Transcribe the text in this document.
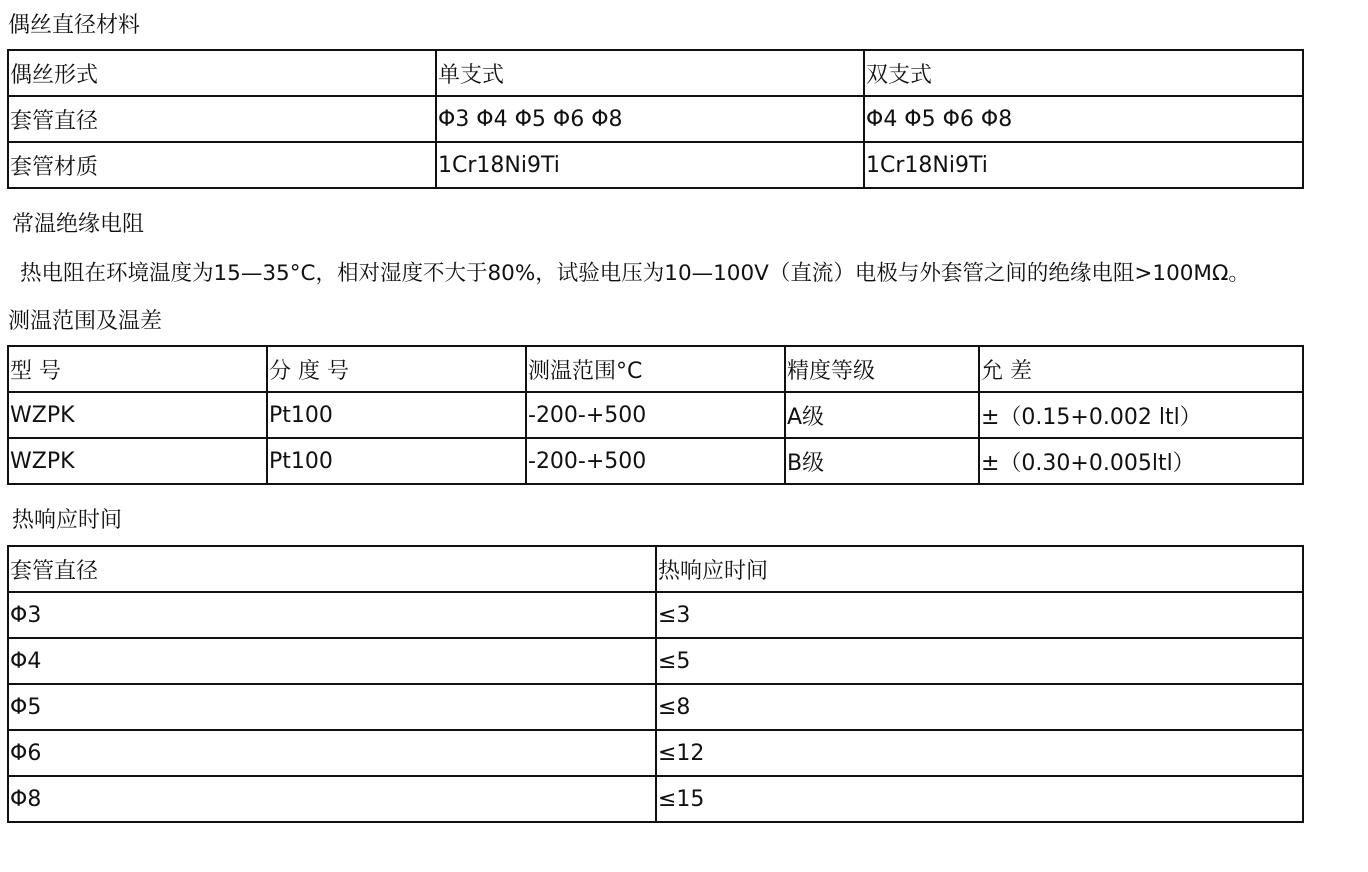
偶丝直径材料
偶丝形式	单支式	双支式
套管直径	Φ3 Φ4 Φ5 Φ6 Φ8	Φ4 Φ5 Φ6 Φ8
套管材质	1Cr18Ni9Ti	1Cr18Ni9Ti
常温绝缘电阻
热电阻在环境温度为15—35°C，相对湿度不大于80%，试验电压为10—100V（直流）电极与外套管之间的绝缘电阻>100MΩ。
测温范围及温差
型 号	分 度 号	测温范围°C	精度等级	允 差
WZPK	Pt100	-200-+500	A级	±（0.15+0.002 ltl）
WZPK	Pt100	-200-+500	B级	±（0.30+0.005ltl）
热响应时间
套管直径	热响应时间
Φ3	≤3
Φ4	≤5
Φ5	≤8
Φ6	≤12
Φ8	≤15
